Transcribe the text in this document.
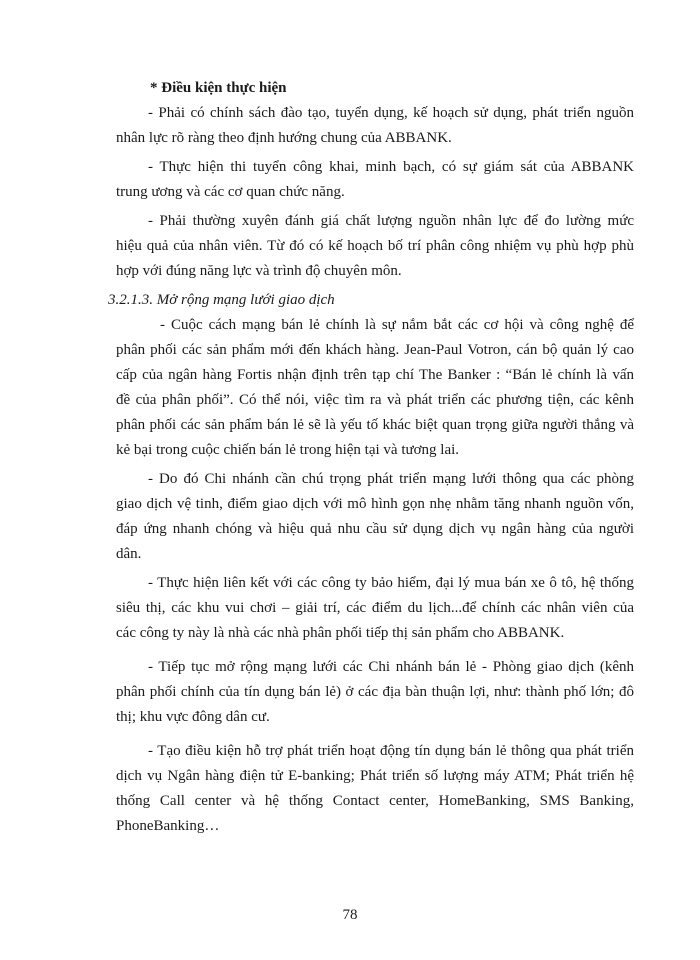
* Điều kiện thực hiện
- Phải có chính sách đào tạo, tuyển dụng, kế hoạch sử dụng, phát triển nguồn
nhân lực rõ ràng theo định hướng chung của ABBANK.
- Thực hiện thi tuyển công khai, minh bạch, có sự giám sát của ABBANK
trung ương và các cơ quan chức năng.
- Phải thường xuyên đánh giá chất lượng nguồn nhân lực để đo lường mức
hiệu quả của nhân viên. Từ đó có kế hoạch bố trí phân công nhiệm vụ phù hợp phù
hợp với đúng năng lực và trình độ chuyên môn.
3.2.1.3. Mở rộng mạng lưới giao dịch
- Cuộc cách mạng bán lẻ chính là sự nắm bắt các cơ hội và công nghệ để
phân phối các sản phẩm mới đến khách hàng. Jean-Paul Votron, cán bộ quản lý cao
cấp của ngân hàng Fortis nhận định trên tạp chí The Banker : “Bán lẻ chính là vấn
đề của phân phối”. Có thể nói, việc tìm ra và phát triển các phương tiện, các kênh
phân phối các sản phẩm bán lẻ sẽ là yếu tố khác biệt quan trọng giữa người thắng và
kẻ bại trong cuộc chiến bán lẻ trong hiện tại và tương lai.
- Do đó Chi nhánh cần chú trọng phát triển mạng lưới thông qua các phòng
giao dịch vệ tinh, điểm giao dịch với mô hình gọn nhẹ nhằm tăng nhanh nguồn vốn,
đáp ứng nhanh chóng và hiệu quả nhu cầu sử dụng dịch vụ ngân hàng của người
dân.
- Thực hiện liên kết với các công ty bảo hiểm, đại lý mua bán xe ô tô, hệ thống
siêu thị, các khu vui chơi – giải trí, các điểm du lịch...để chính các nhân viên của
các công ty này là nhà các nhà phân phối tiếp thị sản phẩm cho ABBANK.
- Tiếp tục mở rộng mạng lưới các Chi nhánh bán lẻ - Phòng giao dịch (kênh
phân phối chính của tín dụng bán lẻ) ở các địa bàn thuận lợi, như: thành phố lớn; đô
thị; khu vực đông dân cư.
- Tạo điều kiện hỗ trợ phát triển hoạt động tín dụng bán lẻ thông qua phát triển
dịch vụ Ngân hàng điện tử E-banking; Phát triển số lượng máy ATM; Phát triển hệ
thống Call center và hệ thống Contact center, HomeBanking, SMS Banking,
PhoneBanking…
78
